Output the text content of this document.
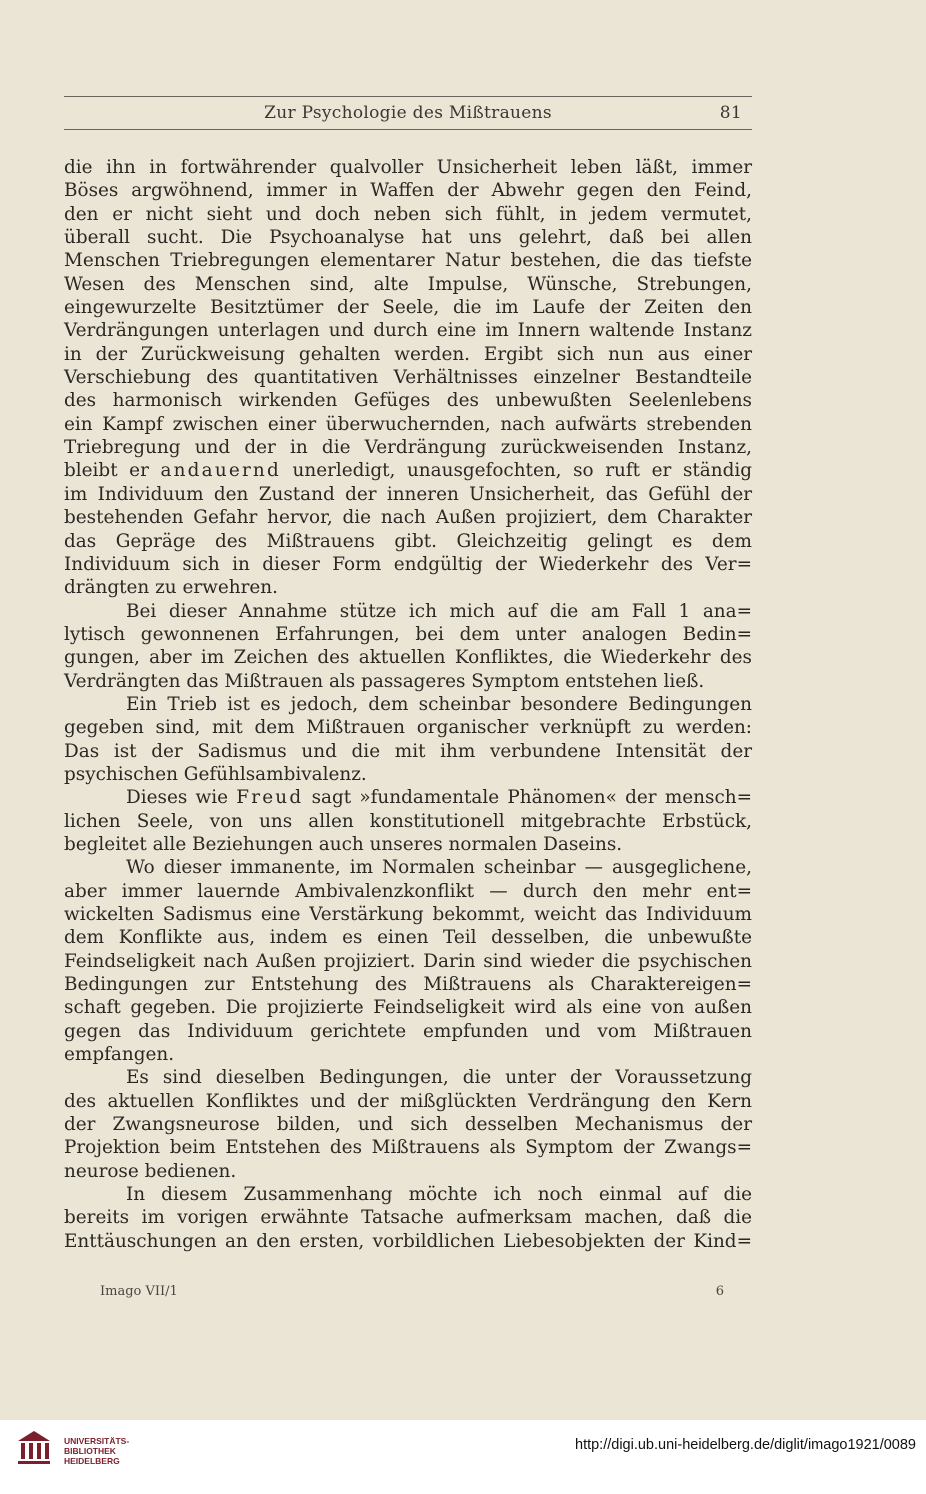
Zur Psychologie des Mißtrauens	81
die ihn in fortwährender qualvoller Unsicherheit leben läßt, immer
Böses argwöhnend, immer in Waffen der Abwehr gegen den Feind,
den er nicht sieht und doch neben sich fühlt, in jedem vermutet,
überall sucht. Die Psychoanalyse hat uns gelehrt, daß bei allen
Menschen Triebregungen elementarer Natur bestehen, die das tiefste
Wesen des Menschen sind, alte Impulse, Wünsche, Strebungen,
eingewurzelte Besitztümer der Seele, die im Laufe der Zeiten den
Verdrängungen unterlagen und durch eine im Innern waltende Instanz
in der Zurückweisung gehalten werden. Ergibt sich nun aus einer
Verschiebung des quantitativen Verhältnisses einzelner Bestandteile
des harmonisch wirkenden Gefüges des unbewußten Seelenlebens
ein Kampf zwischen einer überwuchernden, nach aufwärts strebenden
Triebregung und der in die Verdrängung zurückweisenden Instanz,
bleibt er andauernd unerledigt, unausgefochten, so ruft er ständig
im Individuum den Zustand der inneren Unsicherheit, das Gefühl der
bestehenden Gefahr hervor, die nach Außen projiziert, dem Charakter
das Gepräge des Mißtrauens gibt. Gleichzeitig gelingt es dem
Individuum sich in dieser Form endgültig der Wiederkehr des Ver=
drängten zu erwehren.
Bei dieser Annahme stütze ich mich auf die am Fall 1 ana=
lytisch gewonnenen Erfahrungen, bei dem unter analogen Bedin=
gungen, aber im Zeichen des aktuellen Konfliktes, die Wiederkehr des
Verdrängten das Mißtrauen als passageres Symptom entstehen ließ.
Ein Trieb ist es jedoch, dem scheinbar besondere Bedingungen
gegeben sind, mit dem Mißtrauen organischer verknüpft zu werden:
Das ist der Sadismus und die mit ihm verbundene Intensität der
psychischen Gefühlsambivalenz.
Dieses wie Freud sagt »fundamentale Phänomen« der mensch=
lichen Seele, von uns allen konstitutionell mitgebrachte Erbstück,
begleitet alle Beziehungen auch unseres normalen Daseins.
Wo dieser immanente, im Normalen scheinbar — ausgeglichene,
aber immer lauernde Ambivalenzkonflikt — durch den mehr ent=
wickelten Sadismus eine Verstärkung bekommt, weicht das Individuum
dem Konflikte aus, indem es einen Teil desselben, die unbewußte
Feindseligkeit nach Außen projiziert. Darin sind wieder die psychischen
Bedingungen zur Entstehung des Mißtrauens als Charaktereigen=
schaft gegeben. Die projizierte Feindseligkeit wird als eine von außen
gegen das Individuum gerichtete empfunden und vom Mißtrauen
empfangen.
Es sind dieselben Bedingungen, die unter der Voraussetzung
des aktuellen Konfliktes und der mißglückten Verdrängung den Kern
der Zwangsneurose bilden, und sich desselben Mechanismus der
Projektion beim Entstehen des Mißtrauens als Symptom der Zwangs=
neurose bedienen.
In diesem Zusammenhang möchte ich noch einmal auf die
bereits im vorigen erwähnte Tatsache aufmerksam machen, daß die
Enttäuschungen an den ersten, vorbildlichen Liebesobjekten der Kind=
Imago VII/1	6
UNIVERSITÄTS-
BIBLIOTHEK
HEIDELBERG
http://digi.ub.uni-heidelberg.de/diglit/imago1921/0089
